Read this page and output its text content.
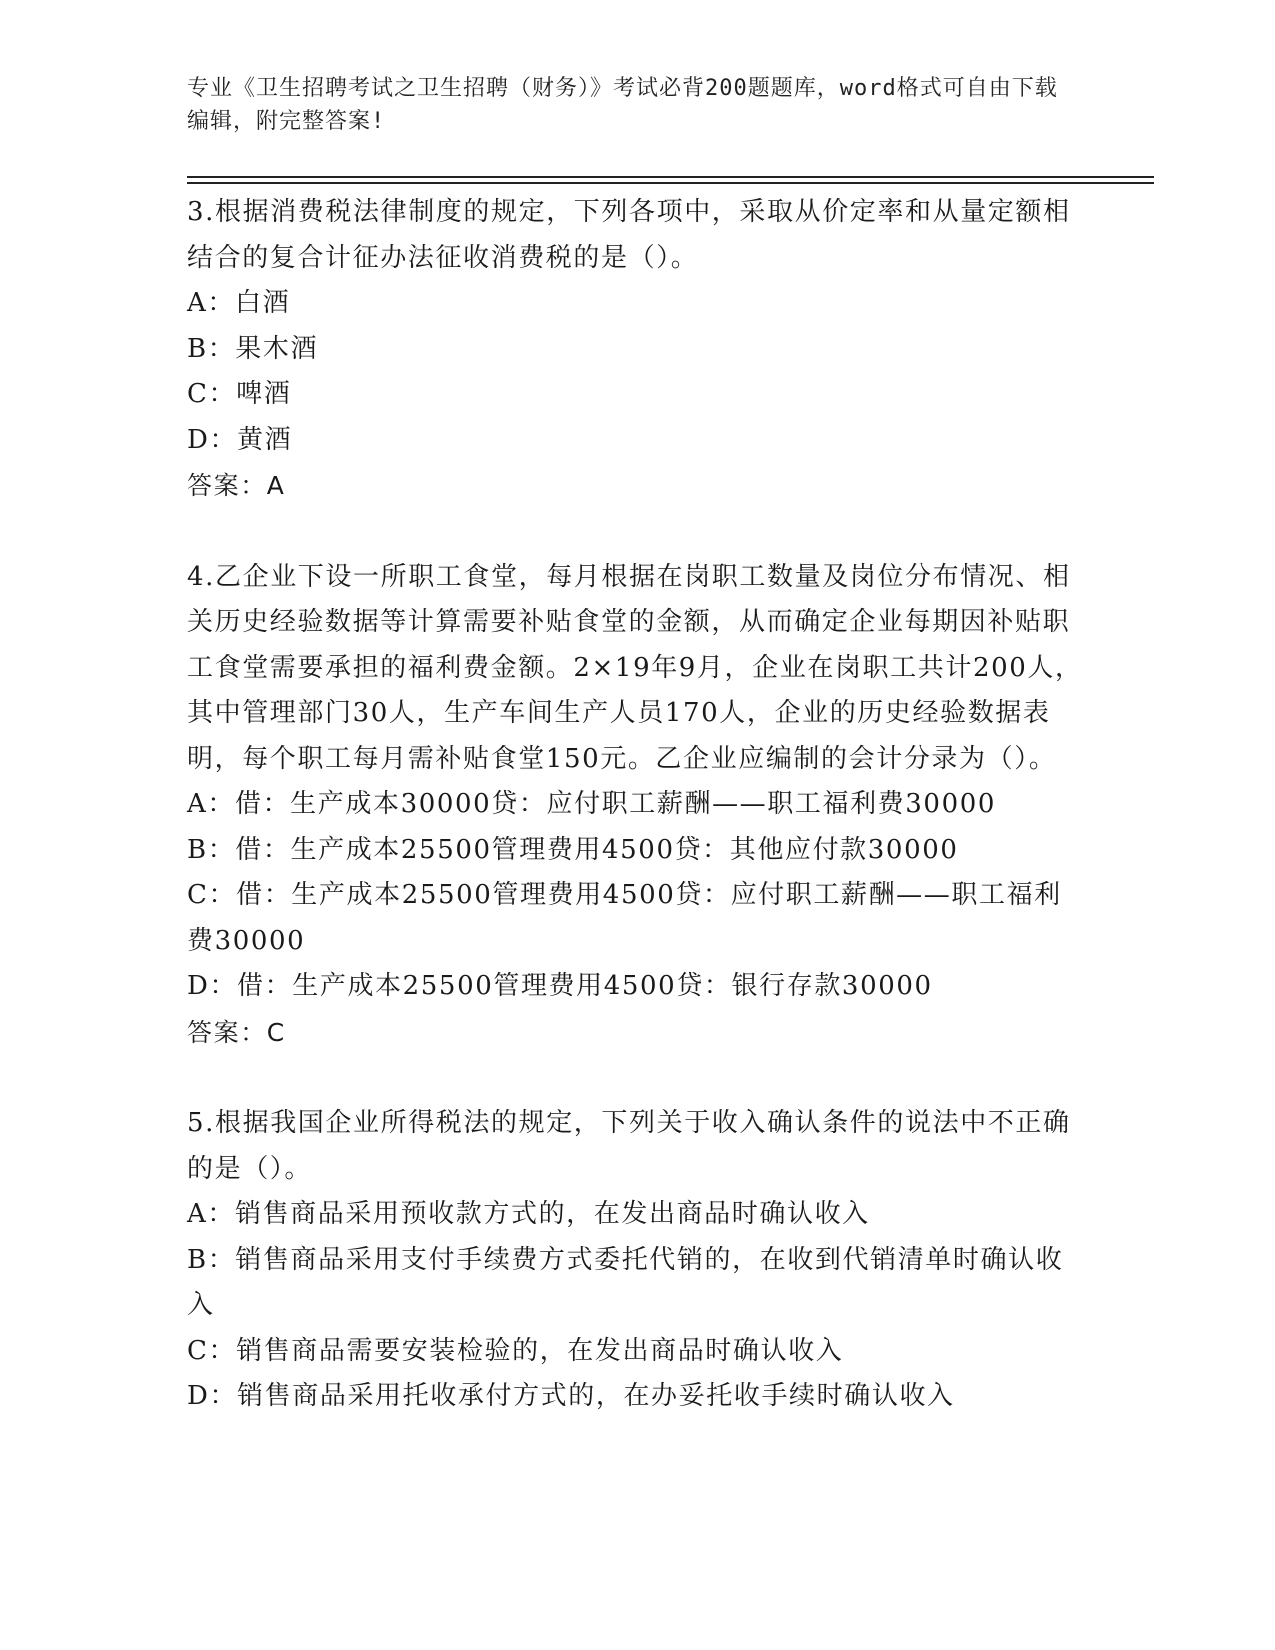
专业《卫生招聘考试之卫生招聘（财务）》考试必背200题题库，word格式可自由下载编辑，附完整答案!

3.根据消费税法律制度的规定，下列各项中，采取从价定率和从量定额相结合的复合计征办法征收消费税的是（）。

A：白酒

B：果木酒

C：啤酒

D：黄酒

答案：A

4.乙企业下设一所职工食堂，每月根据在岗职工数量及岗位分布情况、相关历史经验数据等计算需要补贴食堂的金额，从而确定企业每期因补贴职工食堂需要承担的福利费金额。2×19年9月，企业在岗职工共计200人，其中管理部门30人，生产车间生产人员170人，企业的历史经验数据表明，每个职工每月需补贴食堂150元。乙企业应编制的会计分录为（）。

A：借：生产成本30000贷：应付职工薪酬——职工福利费30000

B：借：生产成本25500管理费用4500贷：其他应付款30000

C：借：生产成本25500管理费用4500贷：应付职工薪酬——职工福利费30000

D：借：生产成本25500管理费用4500贷：银行存款30000

答案：C

5.根据我国企业所得税法的规定，下列关于收入确认条件的说法中不正确的是（）。

A：销售商品采用预收款方式的，在发出商品时确认收入

B：销售商品采用支付手续费方式委托代销的，在收到代销清单时确认收入

C：销售商品需要安装检验的，在发出商品时确认收入

D：销售商品采用托收承付方式的，在办妥托收手续时确认收入
